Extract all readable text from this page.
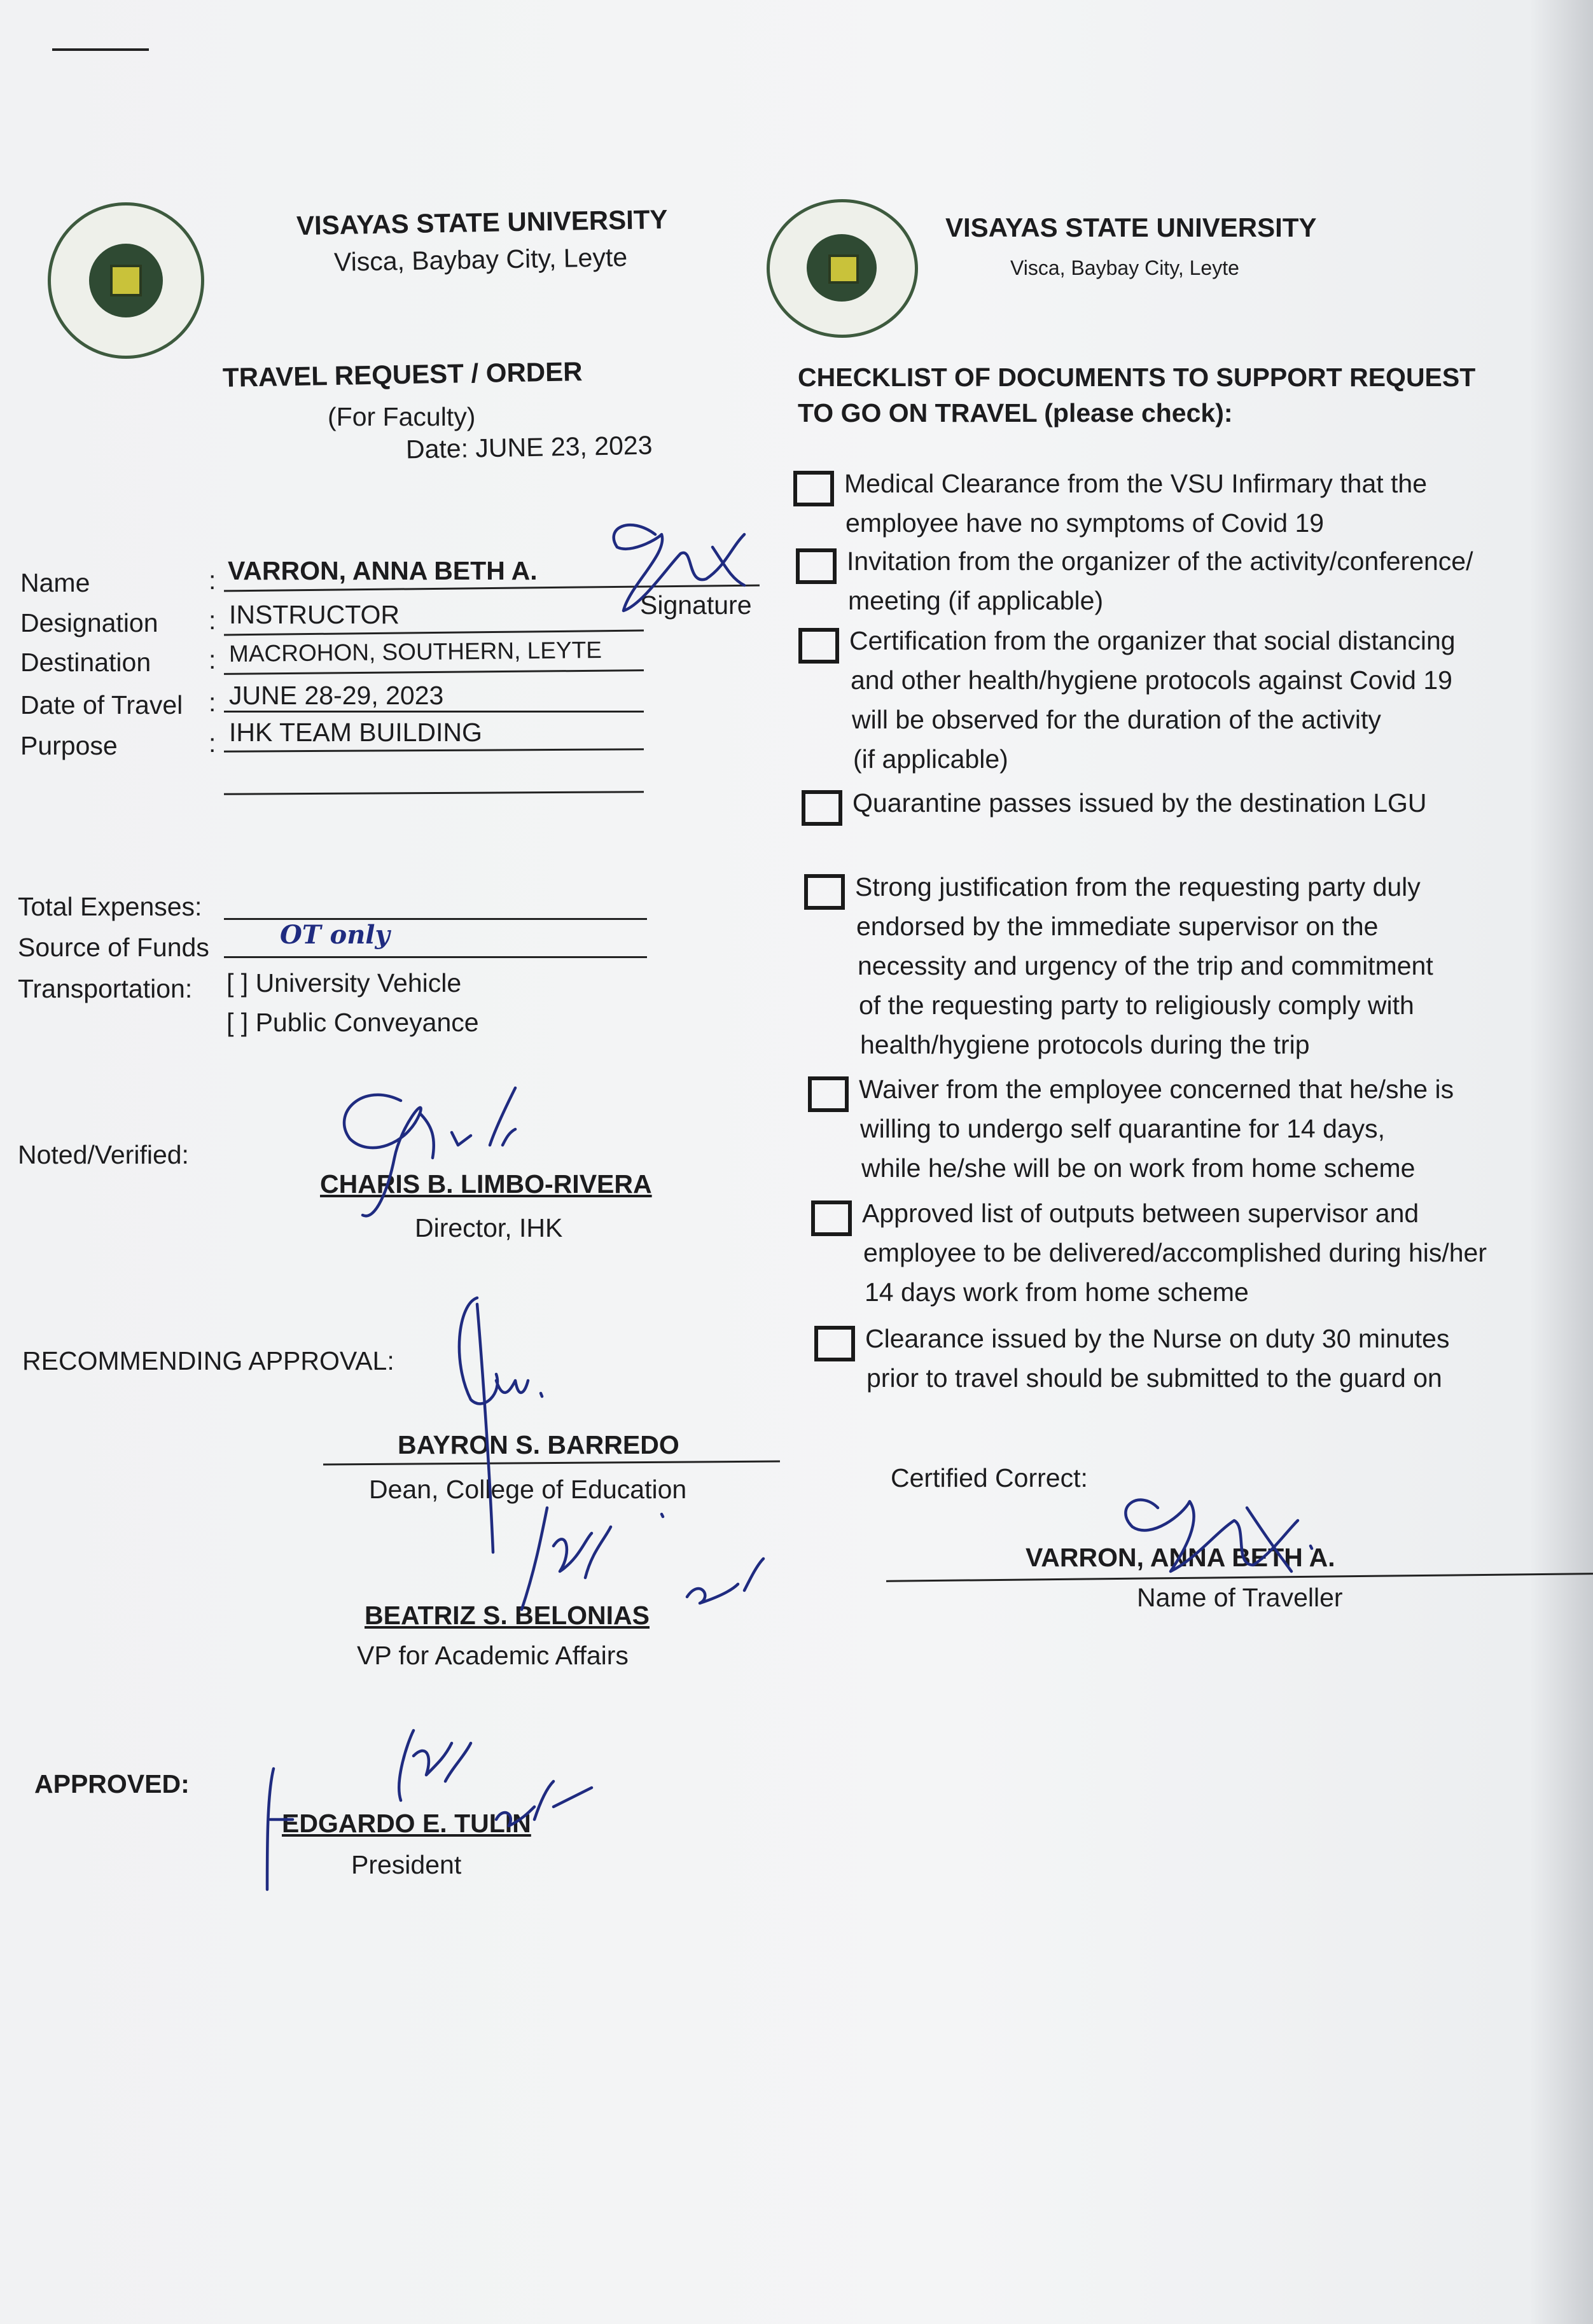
VISAYAS STATE UNIVERSITY
Visca, Baybay City, Leyte
TRAVEL REQUEST / ORDER
(For Faculty)
Date: JUNE 23, 2023
Name	: VARRON, ANNA BETH A.
Signature
Designation : INSTRUCTOR
Destination : MACROHON, SOUTHERN, LEYTE
Date of Travel : JUNE 28-29, 2023
Purpose	: IHK TEAM BUILDING
Total Expenses:
Source of Funds	OT only
Transportation: [ ] University Vehicle
[ ] Public Conveyance
Noted/Verified:
CHARIS B. LIMBO-RIVERA
Director, IHK
RECOMMENDING APPROVAL:
BAYRON S. BARREDO
Dean, College of Education
BEATRIZ S. BELONIAS
VP for Academic Affairs
APPROVED:
EDGARDO E. TULIN
President
VISAYAS STATE UNIVERSITY
Visca, Baybay City, Leyte
CHECKLIST OF DOCUMENTS TO SUPPORT REQUEST
TO GO ON TRAVEL (please check):
Medical Clearance from the VSU Infirmary that the
employee have no symptoms of Covid 19
Invitation from the organizer of the activity/conference/
meeting (if applicable)
Certification from the organizer that social distancing
and other health/hygiene protocols against Covid 19
will be observed for the duration of the activity
(if applicable)
Quarantine passes issued by the destination LGU
Strong justification from the requesting party duly
endorsed by the immediate supervisor on the
necessity and urgency of the trip and commitment
of the requesting party to religiously comply with
health/hygiene protocols during the trip
Waiver from the employee concerned that he/she is
willing to undergo self quarantine for 14 days,
while he/she will be on work from home scheme
Approved list of outputs between supervisor and
employee to be delivered/accomplished during his/her
14 days work from home scheme
Clearance issued by the Nurse on duty 30 minutes
prior to travel should be submitted to the guard on
Certified Correct:
VARRON, ANNA BETH A.
Name of Traveller
